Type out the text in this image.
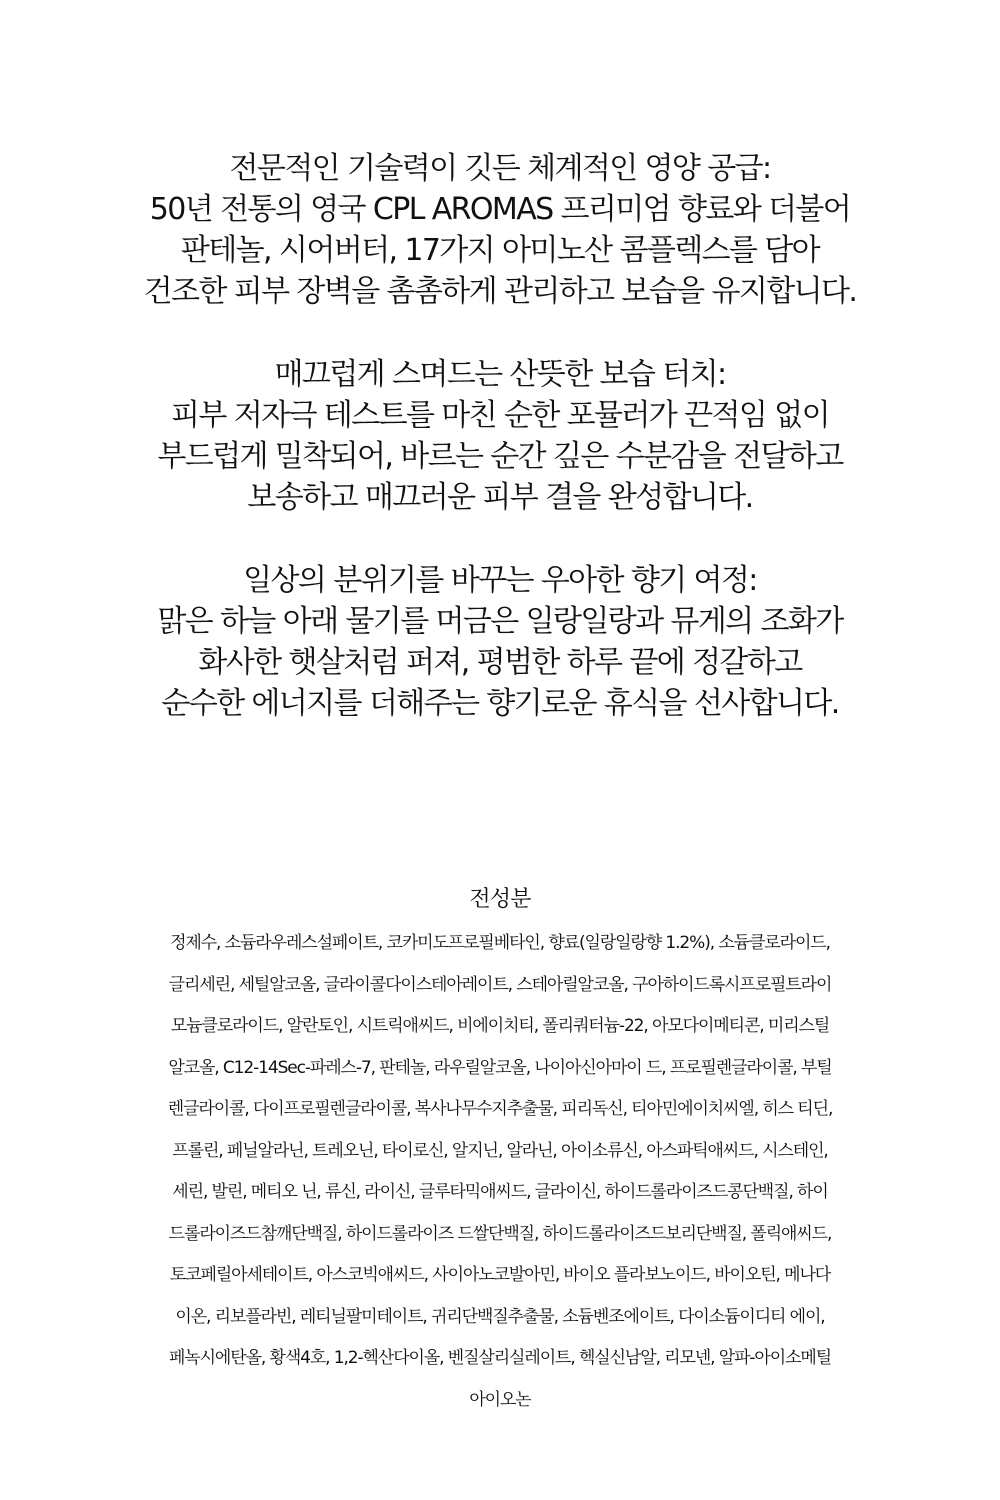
전문적인 기술력이 깃든 체계적인 영양 공급:
50년 전통의 영국 CPL AROMAS 프리미엄 향료와 더불어
판테놀, 시어버터, 17가지 아미노산 콤플렉스를 담아
건조한 피부 장벽을 촘촘하게 관리하고 보습을 유지합니다.
매끄럽게 스며드는 산뜻한 보습 터치:
피부 저자극 테스트를 마친 순한 포뮬러가 끈적임 없이
부드럽게 밀착되어, 바르는 순간 깊은 수분감을 전달하고
보송하고 매끄러운 피부 결을 완성합니다.
일상의 분위기를 바꾸는 우아한 향기 여정:
맑은 하늘 아래 물기를 머금은 일랑일랑과 뮤게의 조화가
화사한 햇살처럼 퍼져, 평범한 하루 끝에 정갈하고
순수한 에너지를 더해주는 향기로운 휴식을 선사합니다.
전성분
정제수, 소듐라우레스설페이트, 코카미도프로필베타인, 향료(일랑일랑향 1.2%), 소듐클로라이드,
글리세린, 세틸알코올, 글라이콜다이스테아레이트, 스테아릴알코올, 구아하이드록시프로필트라이
모늄클로라이드, 알란토인, 시트릭애씨드, 비에이치티, 폴리쿼터늄-22, 아모다이메티콘, 미리스틸
알코올, C12-14Sec-파레스-7, 판테놀, 라우릴알코올, 나이아신아마이 드, 프로필렌글라이콜, 부틸
렌글라이콜, 다이프로필렌글라이콜, 복사나무수지추출물, 피리독신, 티아민에이치씨엘, 히스 티딘,
프롤린, 페닐알라닌, 트레오닌, 타이로신, 알지닌, 알라닌, 아이소류신, 아스파틱애씨드, 시스테인,
세린, 발린, 메티오 닌, 류신, 라이신, 글루타믹애씨드, 글라이신, 하이드롤라이즈드콩단백질, 하이
드롤라이즈드참깨단백질, 하이드롤라이즈 드쌀단백질, 하이드롤라이즈드보리단백질, 폴릭애씨드,
토코페릴아세테이트, 아스코빅애씨드, 사이아노코발아민, 바이오 플라보노이드, 바이오틴, 메나다
이온, 리보플라빈, 레티닐팔미테이트, 귀리단백질추출물, 소듐벤조에이트, 다이소듐이디티 에이,
페녹시에탄올, 황색4호, 1,2-헥산다이올, 벤질살리실레이트, 헥실신남알, 리모넨, 알파-아이소메틸
아이오논
